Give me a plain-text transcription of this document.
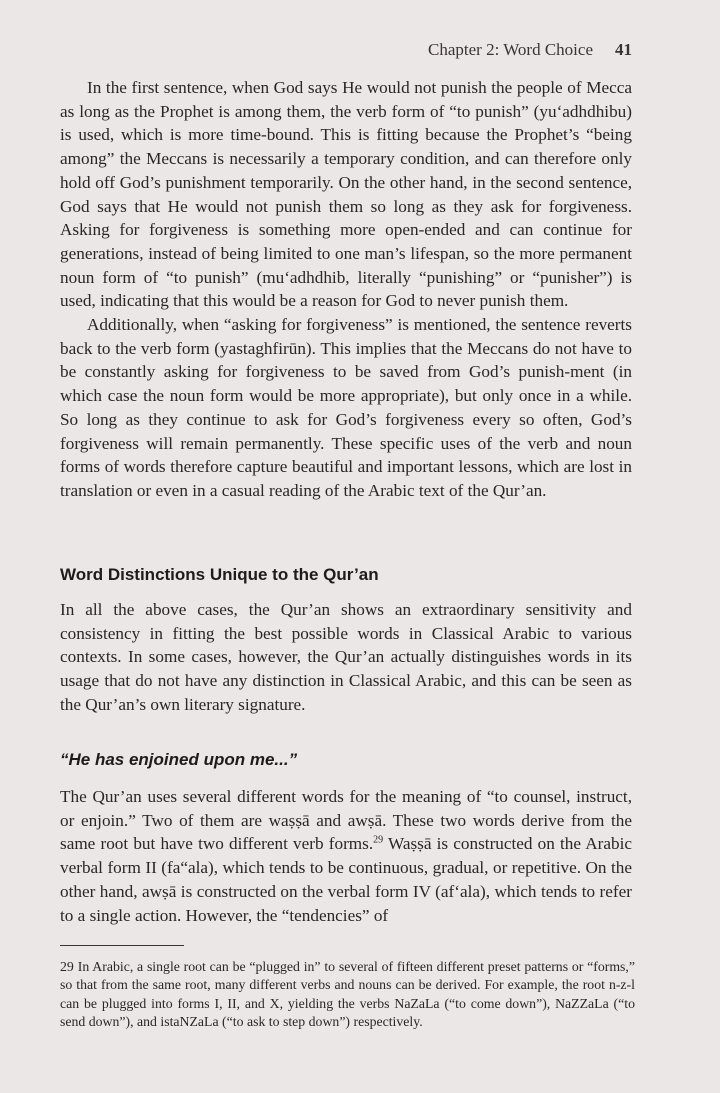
Chapter 2: Word Choice 41

In the first sentence, when God says He would not punish the people of Mecca as long as the Prophet is among them, the verb form of “to punish” (yu‘adhdhibu) is used, which is more time-bound. This is fitting because the Prophet’s “being among” the Meccans is necessarily a temporary condition, and can therefore only hold off God’s punishment temporarily. On the other hand, in the second sentence, God says that He would not punish them so long as they ask for forgiveness. Asking for forgiveness is something more open-ended and can continue for generations, instead of being limited to one man’s lifespan, so the more permanent noun form of “to punish” (mu‘adhdhib, literally “punishing” or “punisher”) is used, indicating that this would be a reason for God to never punish them.

Additionally, when “asking for forgiveness” is mentioned, the sentence reverts back to the verb form (yastaghfirūn). This implies that the Meccans do not have to be constantly asking for forgiveness to be saved from God’s punish-ment (in which case the noun form would be more appropriate), but only once in a while. So long as they continue to ask for God’s forgiveness every so often, God’s forgiveness will remain permanently. These specific uses of the verb and noun forms of words therefore capture beautiful and important lessons, which are lost in translation or even in a casual reading of the Arabic text of the Qur’an.

Word Distinctions Unique to the Qur’an

In all the above cases, the Qur’an shows an extraordinary sensitivity and consistency in fitting the best possible words in Classical Arabic to various contexts. In some cases, however, the Qur’an actually distinguishes words in its usage that do not have any distinction in Classical Arabic, and this can be seen as the Qur’an’s own literary signature.

“He has enjoined upon me...”

The Qur’an uses several different words for the meaning of “to counsel, instruct, or enjoin.” Two of them are waṣṣā and awṣā. These two words derive from the same root but have two different verb forms.$^{29}$ Waṣṣā is constructed on the Arabic verbal form II (fa“ala), which tends to be continuous, gradual, or repetitive. On the other hand, awṣā is constructed on the verbal form IV (af‘ala), which tends to refer to a single action. However, the “tendencies” of

29 In Arabic, a single root can be “plugged in” to several of fifteen different preset patterns or “forms,” so that from the same root, many different verbs and nouns can be derived. For example, the root n-z-l can be plugged into forms I, II, and X, yielding the verbs NaZaLa (“to come down”), NaZZaLa (“to send down”), and istaNZaLa (“to ask to step down”) respectively.
